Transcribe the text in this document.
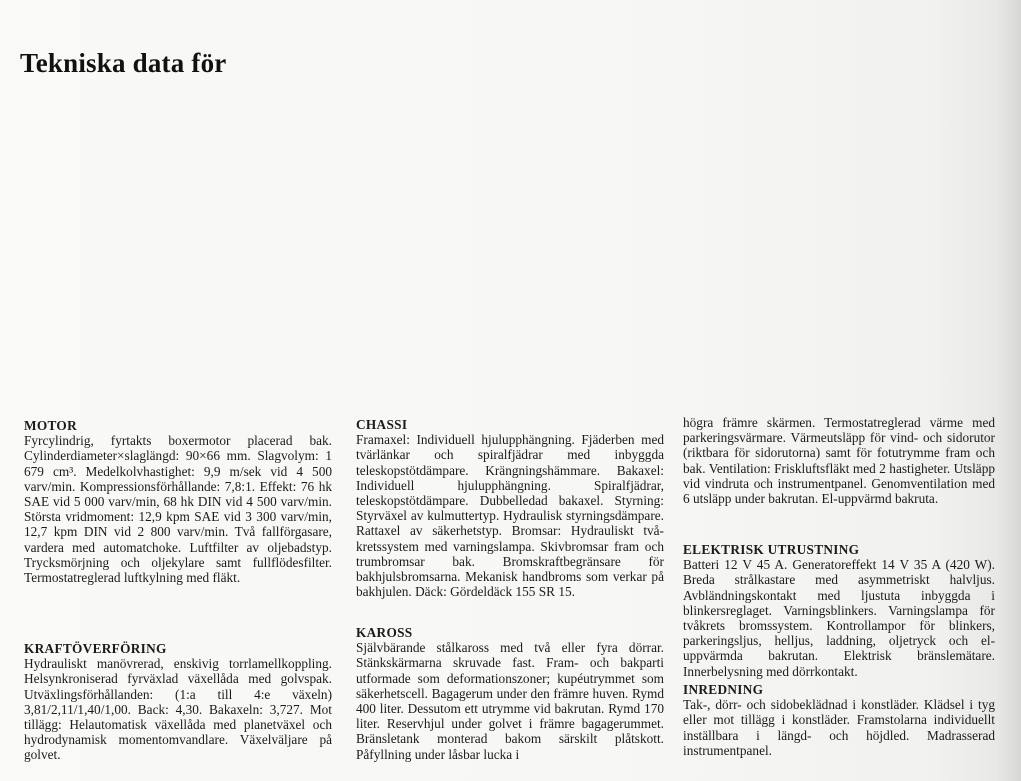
Tekniska data för
MOTOR

Fyrcylindrig, fyrtakts boxermotor placerad bak. Cylinderdiameter×slaglängd: 90×66 mm. Slagvolym: 1 679 cm³. Medelkolvhastighet: 9,9 m/sek vid 4 500 varv/min. Kompressionsförhållande: 7,8:1. Effekt: 76 hk SAE vid 5 000 varv/min, 68 hk DIN vid 4 500 varv/min. Största vridmoment: 12,9 kpm SAE vid 3 300 varv/min, 12,7 kpm DIN vid 2 800 varv/min. Två fallförgasare, vardera med automatchoke. Luftfilter av oljebadstyp. Trycksmörjning och oljekylare samt fullflödesfilter. Termostatreglerad luftkylning med fläkt.

KRAFTÖVERFÖRING

Hydrauliskt manövrerad, enskivig torrlamellkoppling. Helsynkroniserad fyrväxlad växellåda med golvspak. Utväxlingsförhållanden: (1:a till 4:e växeln) 3,81/2,11/1,40/1,00. Back: 4,30. Bakaxeln: 3,727. Mot tillägg: Helautomatisk växellåda med planetväxel och hydrodynamisk momentomvandlare. Växelväljare på golvet.

CHASSI

Framaxel: Individuell hjulupphängning. Fjäderben med tvärlänkar och spiralfjädrar med inbyggda teleskopstötdämpare. Krängningshämmare. Bakaxel: Individuell hjulupphängning. Spiralfjädrar, teleskopstötdämpare. Dubbelledad bakaxel. Styrning: Styrväxel av kulmuttertyp. Hydraulisk styrningsdämpare. Rattaxel av säkerhetstyp. Bromsar: Hydrauliskt två-kretssystem med varningslampa. Skivbromsar fram och trumbromsar bak. Bromskraftbegränsare för bakhjulsbromsarna. Mekanisk handbroms som verkar på bakhjulen. Däck: Gördeldäck 155 SR 15.

KAROSS

Självbärande stålkaross med två eller fyra dörrar. Stänkskärmarna skruvade fast. Fram- och bakparti utformade som deformationszoner; kupéutrymmet som säkerhetscell. Bagagerum under den främre huven. Rymd 400 liter. Dessutom ett utrymme vid bakrutan. Rymd 170 liter. Reservhjul under golvet i främre bagagerummet. Bränsletank monterad bakom särskilt plåtskott. Påfyllning under låsbar lucka i

högra främre skärmen. Termostatreglerad värme med parkeringsvärmare. Värmeutsläpp för vind- och sidorutor (riktbara för sidorutorna) samt för fotutrymme fram och bak. Ventilation: Friskluftsfläkt med 2 hastigheter. Utsläpp vid vindruta och instrumentpanel. Genomventilation med 6 utsläpp under bakrutan. El-uppvärmd bakruta.

ELEKTRISK UTRUSTNING

Batteri 12 V 45 A. Generatoreffekt 14 V 35 A (420 W). Breda strålkastare med asymmetriskt halvljus. Avbländningskontakt med ljustuta inbyggda i blinkersreglaget. Varningsblinkers. Varningslampa för tvåkrets bromssystem. Kontrollampor för blinkers, parkeringsljus, helljus, laddning, oljetryck och el-uppvärmda bakrutan. Elektrisk bränslemätare. Innerbelysning med dörrkontakt.

INREDNING

Tak-, dörr- och sidobeklädnad i konstläder. Klädsel i tyg eller mot tillägg i konstläder. Framstolarna individuellt inställbara i längd- och höjdled. Madrasserad instrumentpanel.
